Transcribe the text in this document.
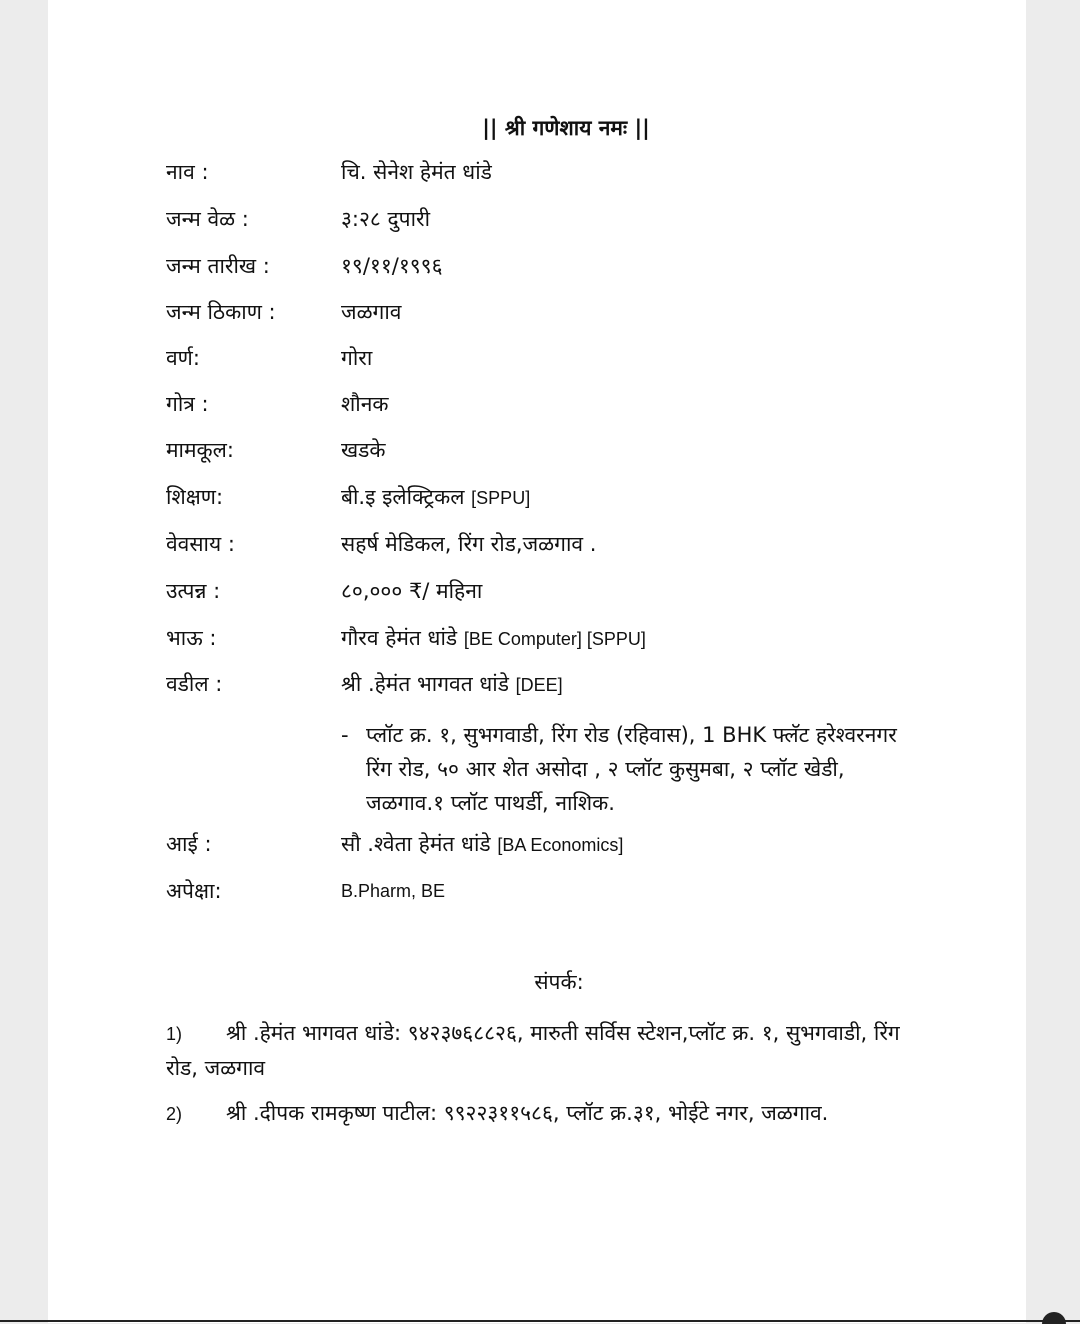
|| श्री गणेशाय नमः ||
नाव :	चि. सेनेश हेमंत धांडे
जन्म वेळ :	३:२८ दुपारी
जन्म तारीख :	१९/११/१९९६
जन्म ठिकाण :	जळगाव
वर्ण:	गोरा
गोत्र :	शौनक
मामकूल:	खडके
शिक्षण:	बी.इ इलेक्ट्रिकल [SPPU]
वेवसाय :	सहर्ष मेडिकल, रिंग रोड,जळगाव .
उत्पन्न :	८०,००० ₹/ महिना
भाऊ :	गौरव हेमंत धांडे [BE Computer] [SPPU]
वडील :	श्री .हेमंत भागवत धांडे [DEE]
- प्लॉट क्र. १, सुभगवाडी, रिंग रोड (रहिवास), 1 BHK फ्लॅट हरेश्वरनगर रिंग रोड, ५० आर शेत असोदा , २ प्लॉट कुसुमबा, २ प्लॉट खेडी, जळगाव.१ प्लॉट पाथर्डी, नाशिक.
आई :	सौ .श्वेता हेमंत धांडे [BA Economics]
अपेक्षा:	B.Pharm, BE
संपर्क:
1) श्री .हेमंत भागवत धांडे: ९४२३७६८८२६, मारुती सर्विस स्टेशन,प्लॉट क्र. १, सुभगवाडी, रिंग रोड, जळगाव
2) श्री .दीपक रामकृष्ण पाटील: ९९२२३११५८६, प्लॉट क्र.३१, भोईटे नगर, जळगाव.
